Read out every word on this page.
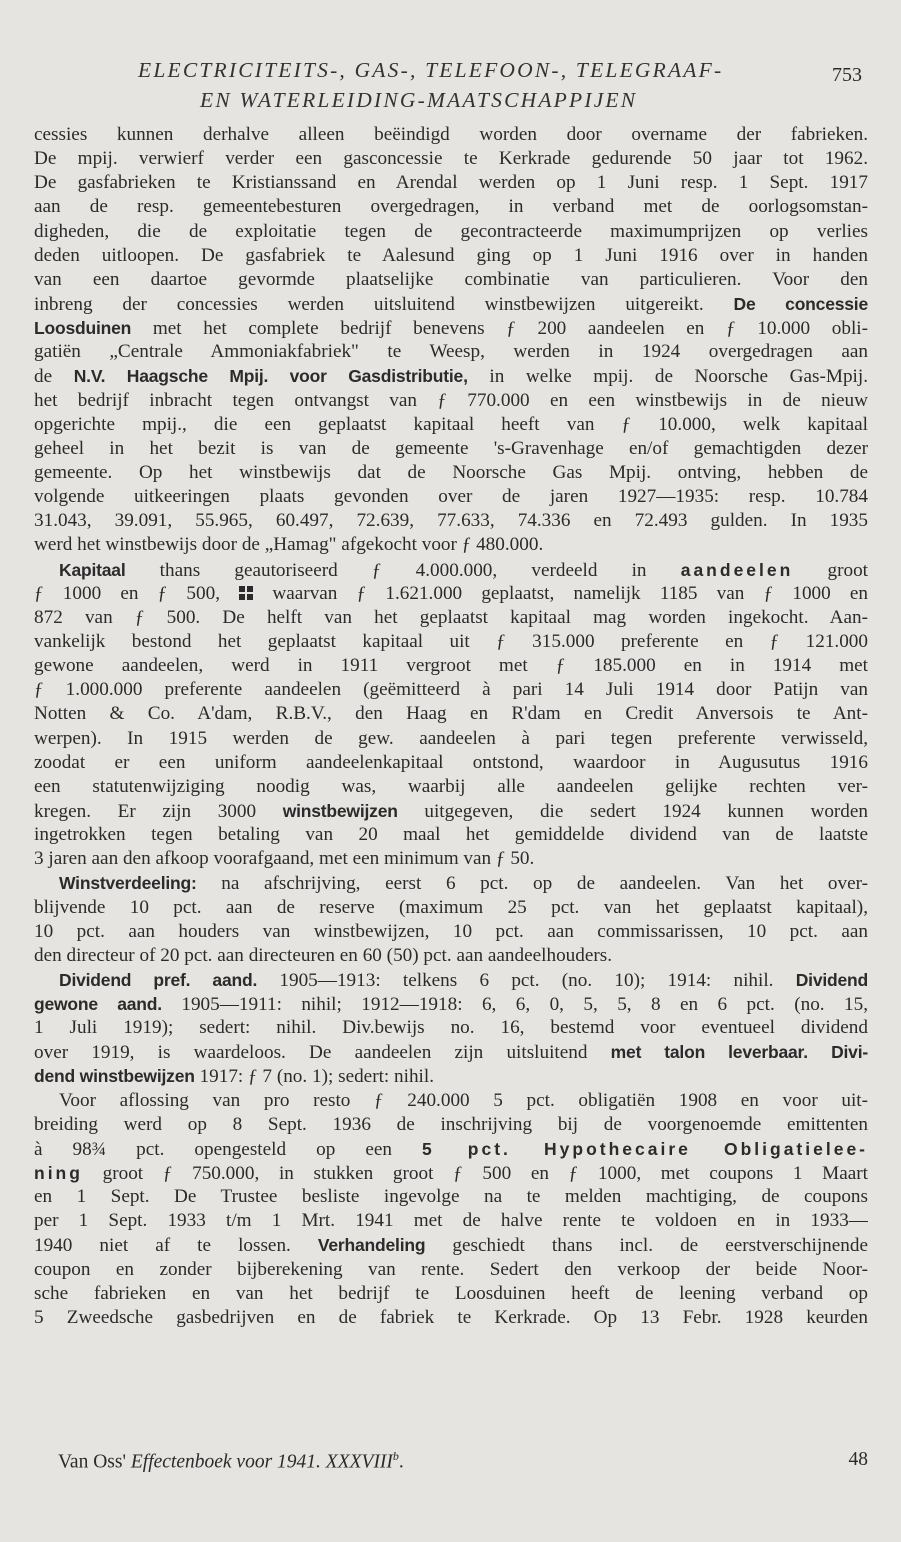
ELECTRICITEITS-, GAS-, TELEFOON-, TELEGRAAF-	753
EN WATERLEIDING-MAATSCHAPPIJEN
cessies kunnen derhalve alleen beëindigd worden door overname der fabrieken.
De mpij. verwierf verder een gasconcessie te Kerkrade gedurende 50 jaar tot 1962.
De gasfabrieken te Kristianssand en Arendal werden op 1 Juni resp. 1 Sept. 1917
aan de resp. gemeentebesturen overgedragen, in verband met de oorlogsomstan-
digheden, die de exploitatie tegen de gecontracteerde maximumprijzen op verlies
deden uitloopen. De gasfabriek te Aalesund ging op 1 Juni 1916 over in handen
van een daartoe gevormde plaatselijke combinatie van particulieren. Voor den
inbreng der concessies werden uitsluitend winstbewijzen uitgereikt. De concessie
Loosduinen met het complete bedrijf benevens ƒ 200 aandeelen en ƒ 10.000 obli-
gatiën „Centrale Ammoniakfabriek" te Weesp, werden in 1924 overgedragen aan
de N.V. Haagsche Mpij. voor Gasdistributie, in welke mpij. de Noorsche Gas-Mpij.
het bedrijf inbracht tegen ontvangst van ƒ 770.000 en een winstbewijs in de nieuw
opgerichte mpij., die een geplaatst kapitaal heeft van ƒ 10.000, welk kapitaal
geheel in het bezit is van de gemeente 's-Gravenhage en/of gemachtigden dezer
gemeente. Op het winstbewijs dat de Noorsche Gas Mpij. ontving, hebben de
volgende uitkeeringen plaats gevonden over de jaren 1927—1935: resp. 10.784
31.043, 39.091, 55.965, 60.497, 72.639, 77.633, 74.336 en 72.493 gulden. In 1935
werd het winstbewijs door de „Hamag" afgekocht voor ƒ 480.000.
Kapitaal thans geautoriseerd ƒ 4.000.000, verdeeld in aandeelen groot
ƒ 1000 en ƒ 500,	waarvan ƒ 1.621.000 geplaatst, namelijk 1185 van ƒ 1000 en
872 van ƒ 500. De helft van het geplaatst kapitaal mag worden ingekocht. Aan-
vankelijk bestond het geplaatst kapitaal uit ƒ 315.000 preferente en ƒ 121.000
gewone aandeelen, werd in 1911 vergroot met ƒ 185.000 en in 1914 met
ƒ 1.000.000 preferente aandeelen (geëmitteerd à pari 14 Juli 1914 door Patijn van
Notten & Co. A'dam, R.B.V., den Haag en R'dam en Credit Anversois te Ant-
werpen). In 1915 werden de gew. aandeelen à pari tegen preferente verwisseld,
zoodat er een uniform aandeelenkapitaal ontstond, waardoor in Augusutus 1916
een statutenwijziging noodig was, waarbij alle aandeelen gelijke rechten ver-
kregen. Er zijn 3000 winstbewijzen uitgegeven, die sedert 1924 kunnen worden
ingetrokken tegen betaling van 20 maal het gemiddelde dividend van de laatste
3 jaren aan den afkoop voorafgaand, met een minimum van ƒ 50.
Winstverdeeling: na afschrijving, eerst 6 pct. op de aandeelen. Van het over-
blijvende 10 pct. aan de reserve (maximum 25 pct. van het geplaatst kapitaal),
10 pct. aan houders van winstbewijzen, 10 pct. aan commissarissen, 10 pct. aan
den directeur of 20 pct. aan directeuren en 60 (50) pct. aan aandeelhouders.
Dividend pref. aand. 1905—1913: telkens 6 pct. (no. 10); 1914: nihil. Dividend
gewone aand. 1905—1911: nihil; 1912—1918: 6, 6, 0, 5, 5, 8 en 6 pct. (no. 15,
1 Juli 1919); sedert: nihil. Div.bewijs no. 16, bestemd voor eventueel dividend
over 1919, is waardeloos. De aandeelen zijn uitsluitend met talon leverbaar. Divi-
dend winstbewijzen 1917: ƒ 7 (no. 1); sedert: nihil.
Voor aflossing van pro resto ƒ 240.000 5 pct. obligatiën 1908 en voor uit-
breiding werd op 8 Sept. 1936 de inschrijving bij de voorgenoemde emittenten
à 98¾ pct. opengesteld op een 5 pct. Hypothecaire Obligatielee-
ning groot ƒ 750.000, in stukken groot ƒ 500 en ƒ 1000, met coupons 1 Maart
en 1 Sept. De Trustee besliste ingevolge na te melden machtiging, de coupons
per 1 Sept. 1933 t/m 1 Mrt. 1941 met de halve rente te voldoen en in 1933—
1940 niet af te lossen. Verhandeling geschiedt thans incl. de eerstverschijnende
coupon en zonder bijberekening van rente. Sedert den verkoop der beide Noor-
sche fabrieken en van het bedrijf te Loosduinen heeft de leening verband op
5 Zweedsche gasbedrijven en de fabriek te Kerkrade. Op 13 Febr. 1928 keurden
Van Oss' Effectenboek voor 1941. XXXVIII$^b$.	48
